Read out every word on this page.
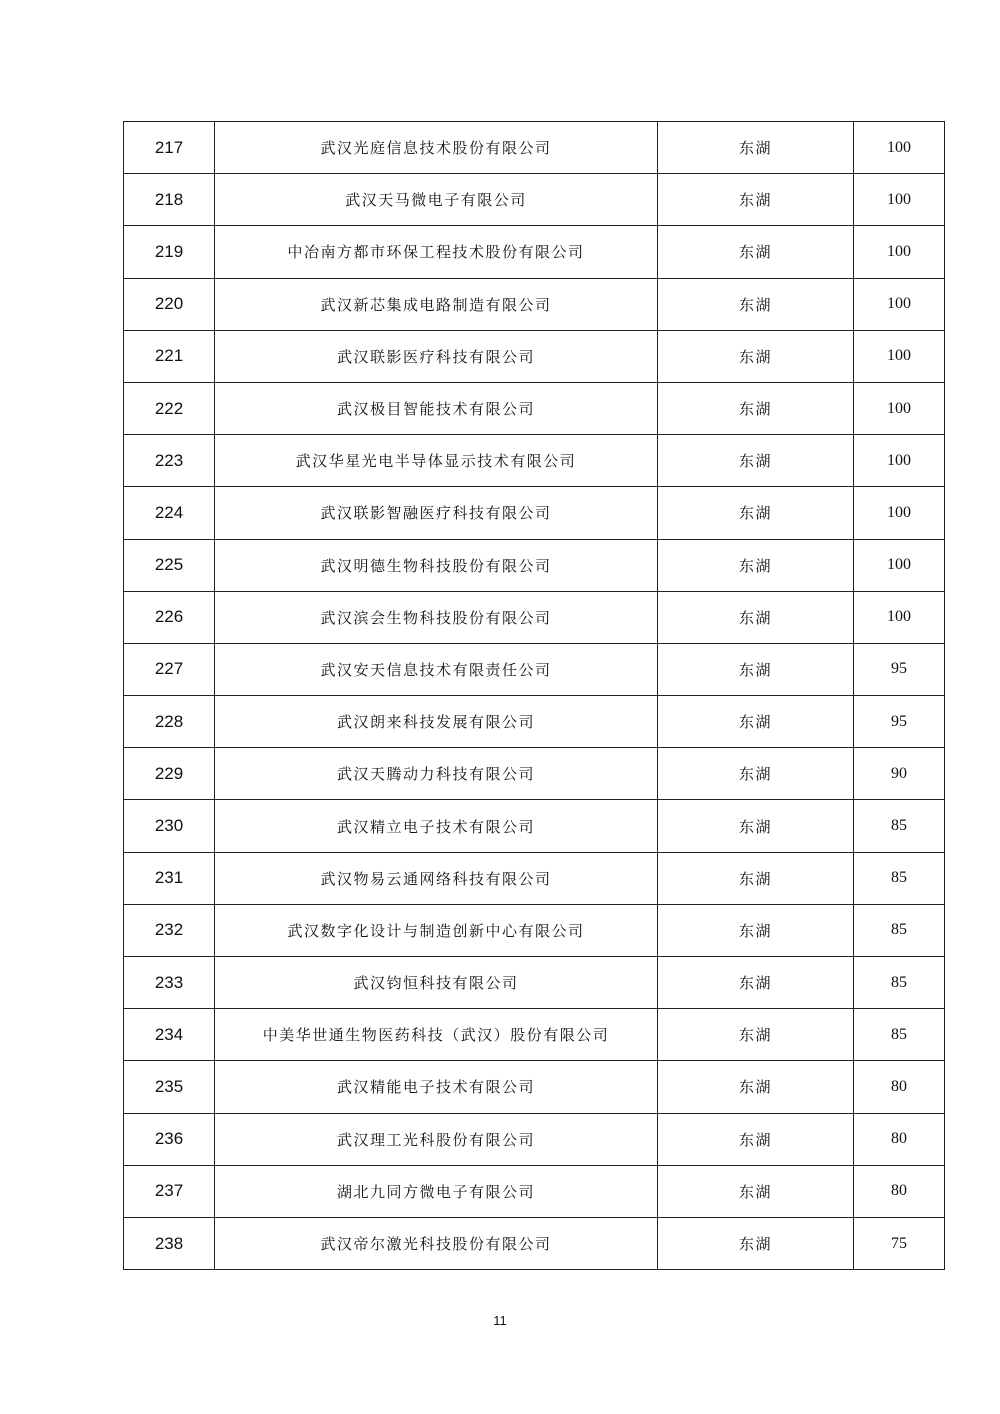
217	武汉光庭信息技术股份有限公司	东湖	100
218	武汉天马微电子有限公司	东湖	100
219	中冶南方都市环保工程技术股份有限公司	东湖	100
220	武汉新芯集成电路制造有限公司	东湖	100
221	武汉联影医疗科技有限公司	东湖	100
222	武汉极目智能技术有限公司	东湖	100
223	武汉华星光电半导体显示技术有限公司	东湖	100
224	武汉联影智融医疗科技有限公司	东湖	100
225	武汉明德生物科技股份有限公司	东湖	100
226	武汉滨会生物科技股份有限公司	东湖	100
227	武汉安天信息技术有限责任公司	东湖	95
228	武汉朗来科技发展有限公司	东湖	95
229	武汉天腾动力科技有限公司	东湖	90
230	武汉精立电子技术有限公司	东湖	85
231	武汉物易云通网络科技有限公司	东湖	85
232	武汉数字化设计与制造创新中心有限公司	东湖	85
233	武汉钧恒科技有限公司	东湖	85
234	中美华世通生物医药科技（武汉）股份有限公司	东湖	85
235	武汉精能电子技术有限公司	东湖	80
236	武汉理工光科股份有限公司	东湖	80
237	湖北九同方微电子有限公司	东湖	80
238	武汉帝尔激光科技股份有限公司	东湖	75
11
